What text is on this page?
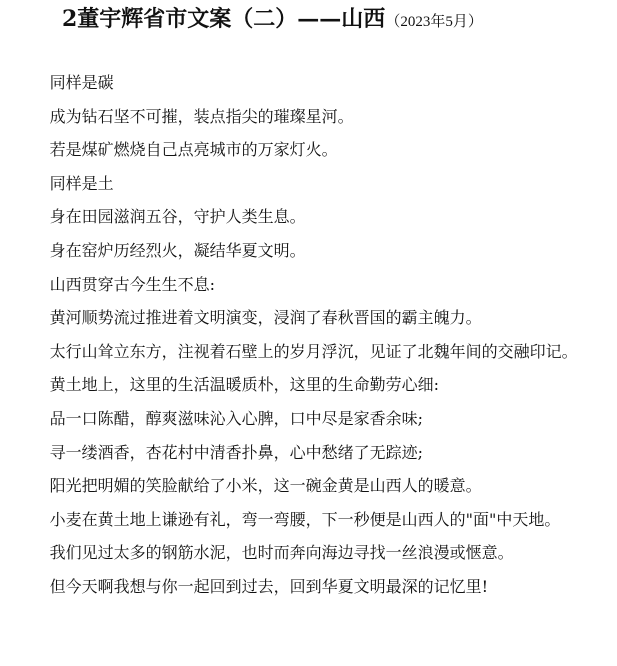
2董宇辉省市文案（二）——山西（2023年5月）

同样是碳

成为钻石坚不可摧，装点指尖的璀璨星河。

若是煤矿燃烧自己点亮城市的万家灯火。

同样是土

身在田园滋润五谷，守护人类生息。

身在窑炉历经烈火，凝结华夏文明。

山西贯穿古今生生不息:

黄河顺势流过推进着文明演变，浸润了春秋晋国的霸主魄力。

太行山耸立东方，注视着石壁上的岁月浮沉，见证了北魏年间的交融印记。

黄土地上，这里的生活温暖质朴，这里的生命勤劳心细:

品一口陈醋，醇爽滋味沁入心脾，口中尽是家香余味;

寻一缕酒香，杏花村中清香扑鼻，心中愁绪了无踪迹;

阳光把明媚的笑脸献给了小米，这一碗金黄是山西人的暖意。

小麦在黄土地上谦逊有礼，弯一弯腰，下一秒便是山西人的"面"中天地。

我们见过太多的钢筋水泥，也时而奔向海边寻找一丝浪漫或惬意。

但今天啊我想与你一起回到过去，回到华夏文明最深的记忆里!
